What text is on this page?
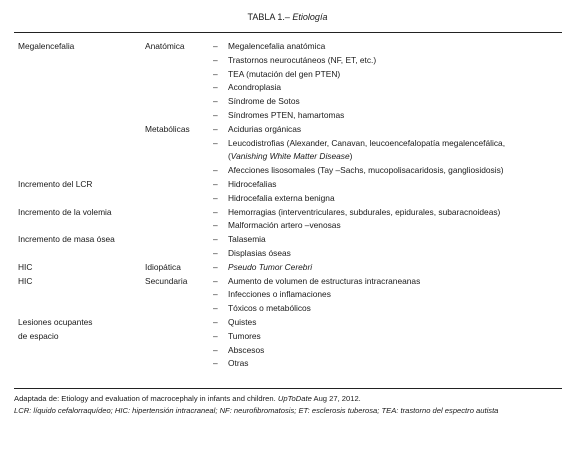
TABLA 1.– Etiología
Megalencefalia	Anatómica	– Megalencefalia anatómica
– Trastornos neurocutáneos (NF, ET, etc.)
– TEA (mutación del gen PTEN)
– Acondroplasia
– Síndrome de Sotos
– Síndromes PTEN, hamartomas
Metabólicas	– Acidurias orgánicas
– Leucodistrofias (Alexander, Canavan, leucoencefalopatía megalencefálica,
(Vanishing White Matter Disease)
– Afecciones lisosomales (Tay –Sachs, mucopolisacaridosis, gangliosidosis)
Incremento del LCR	– Hidrocefalias
– Hidrocefalia externa benigna
Incremento de la volemia	– Hemorragias (interventriculares, subdurales, epidurales, subaracnoideas)
– Malformación artero –venosas
Incremento de masa ósea	– Talasemia
– Displasias óseas
HIC	Idiopática	– Pseudo Tumor Cerebri
HIC	Secundaria	– Aumento de volumen de estructuras intracraneanas
– Infecciones o inflamaciones
– Tóxicos o metabólicos
Lesiones ocupantes	– Quistes
de espacio	– Tumores
– Abscesos
– Otras
Adaptada de: Etiology and evaluation of macrocephaly in infants and children. UpToDate Aug 27, 2012.
LCR: líquido cefalorraquídeo; HIC: hipertensión intracraneal; NF: neurofibromatosis; ET: esclerosis tuberosa; TEA: trastorno del espectro autista
